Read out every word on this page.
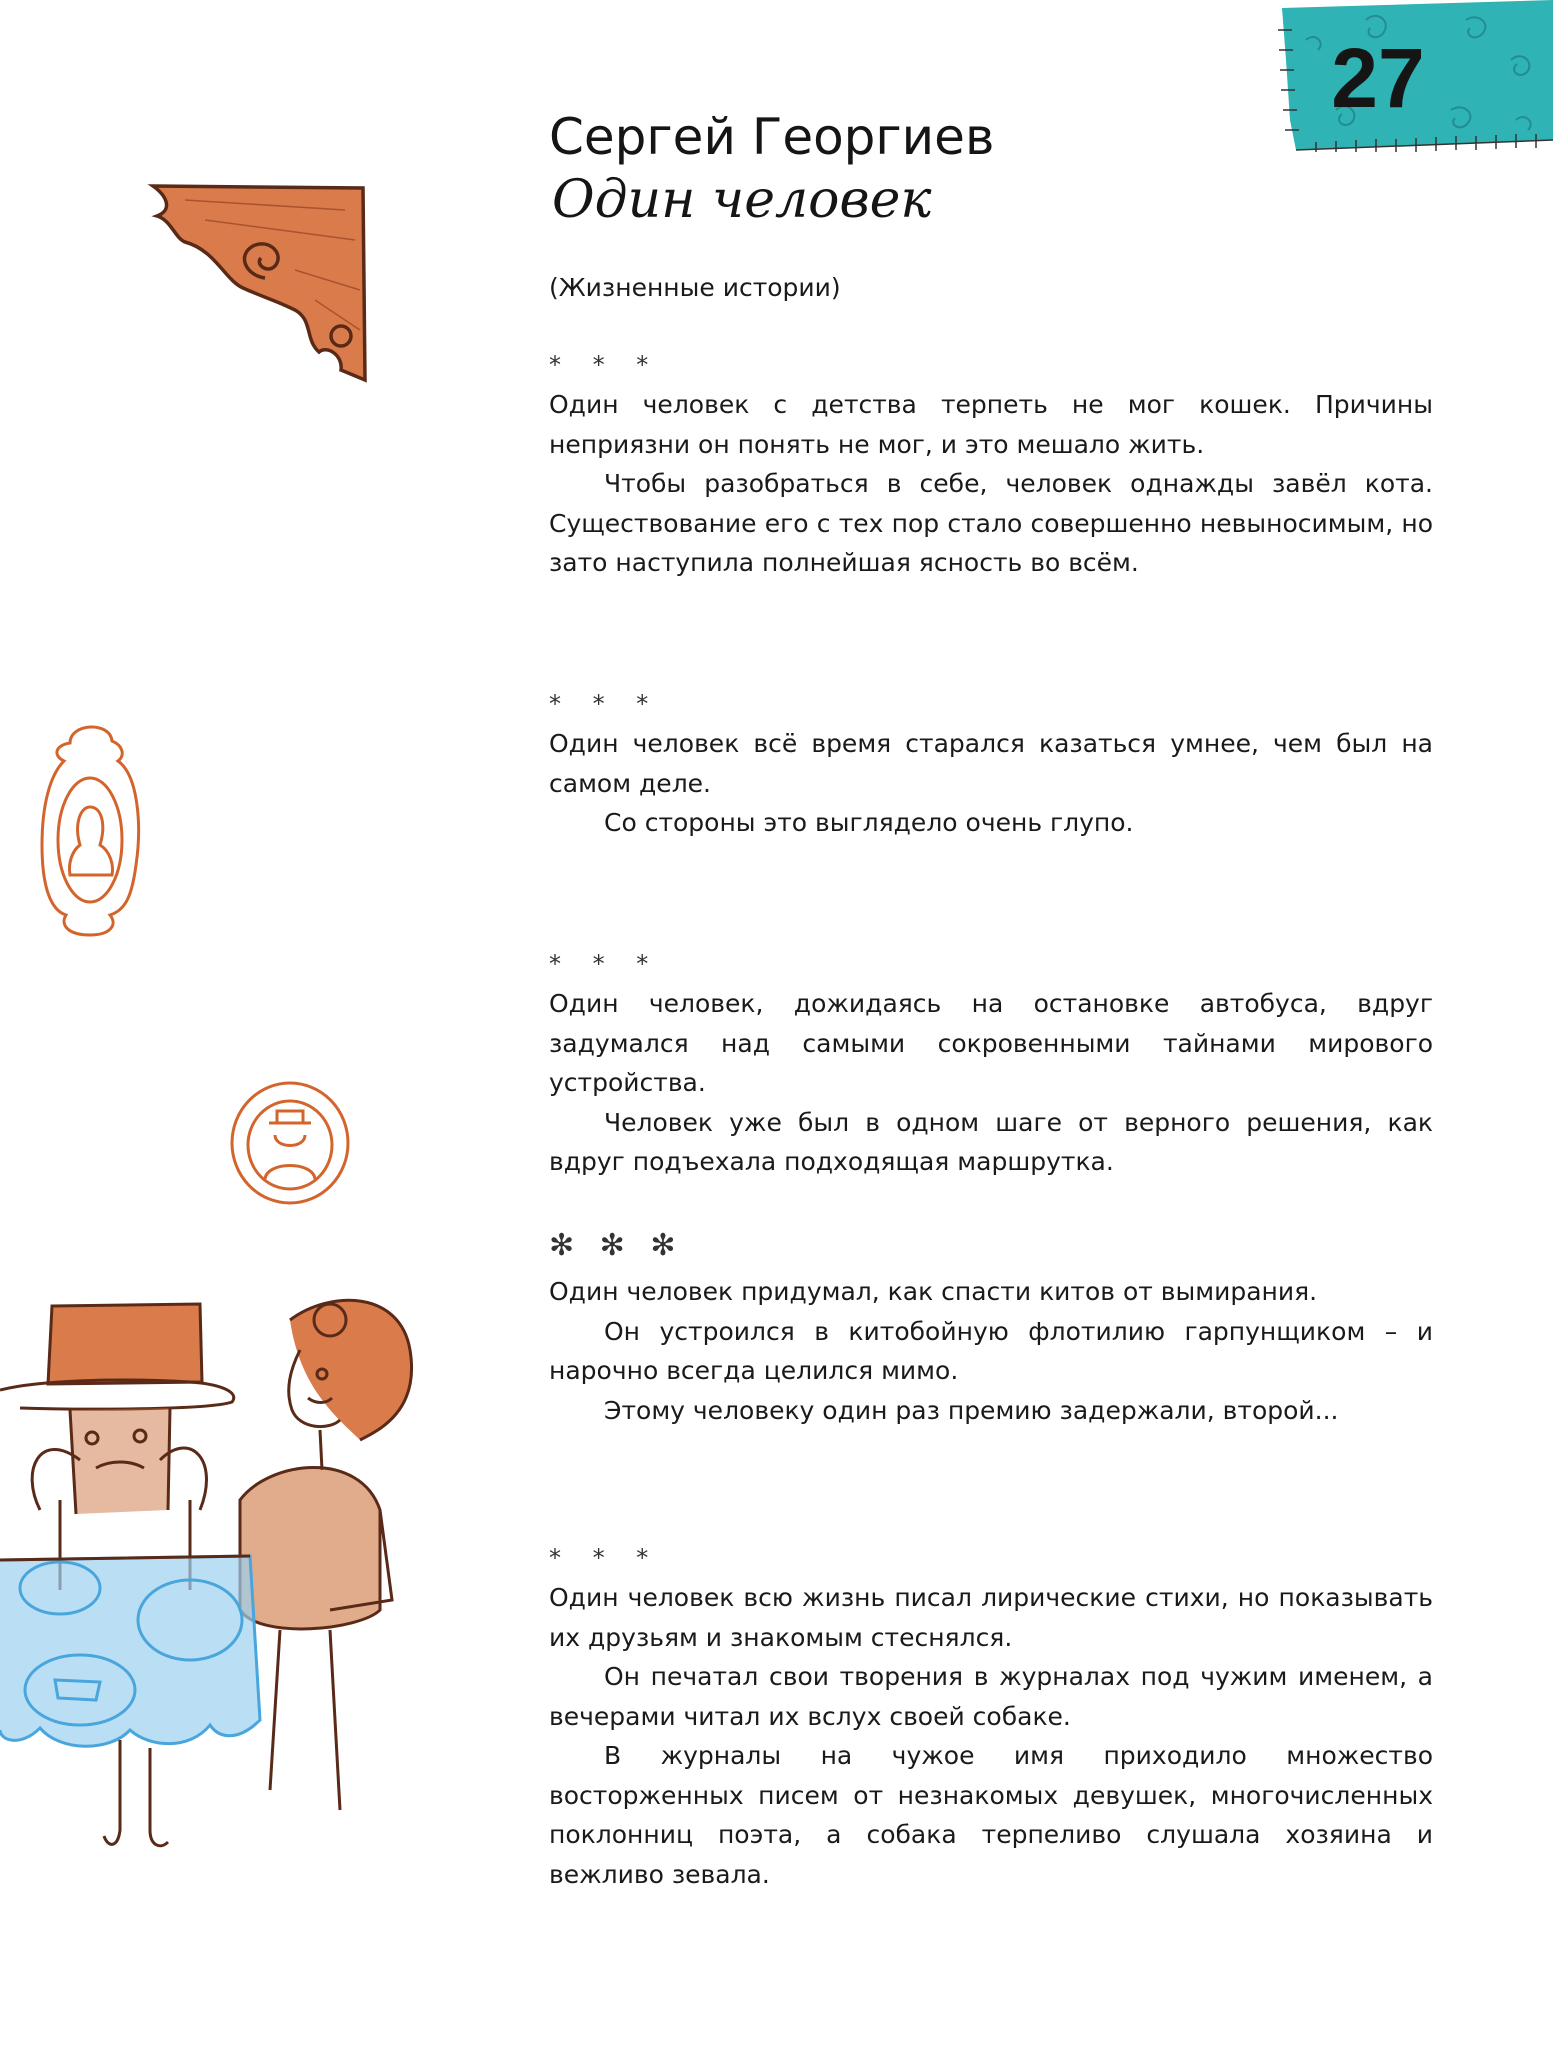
27
Сергей Георгиев
Один человек
(Жизненные истории)
* * *

Один человек с детства терпеть не мог кошек. Причины неприязни он понять не мог, и это мешало жить.

Чтобы разобраться в себе, человек однажды завёл кота. Существование его с тех пор стало совершенно невыносимым, но зато наступила полнейшая ясность во всём.

* * *

Один человек всё время старался казаться умнее, чем был на самом деле.

Со стороны это выглядело очень глупо.

* * *

Один человек, дожидаясь на остановке автобуса, вдруг задумался над самыми сокровенными тайнами мирового устройства.

Человек уже был в одном шаге от верного решения, как вдруг подъехала подходящая маршрутка.

✻ ✻ ✻

Один человек придумал, как спасти китов от вымирания.

Он устроился в китобойную флотилию гарпунщиком – и нарочно всегда целился мимо.

Этому человеку один раз премию задержали, второй...

* * *

Один человек всю жизнь писал лирические стихи, но показывать их друзьям и знакомым стеснялся.

Он печатал свои творения в журналах под чужим именем, а вечерами читал их вслух своей собаке.

В журналы на чужое имя приходило множество восторженных писем от незнакомых девушек, многочисленных поклонниц поэта, а собака терпеливо слушала хозяина и вежливо зевала.
